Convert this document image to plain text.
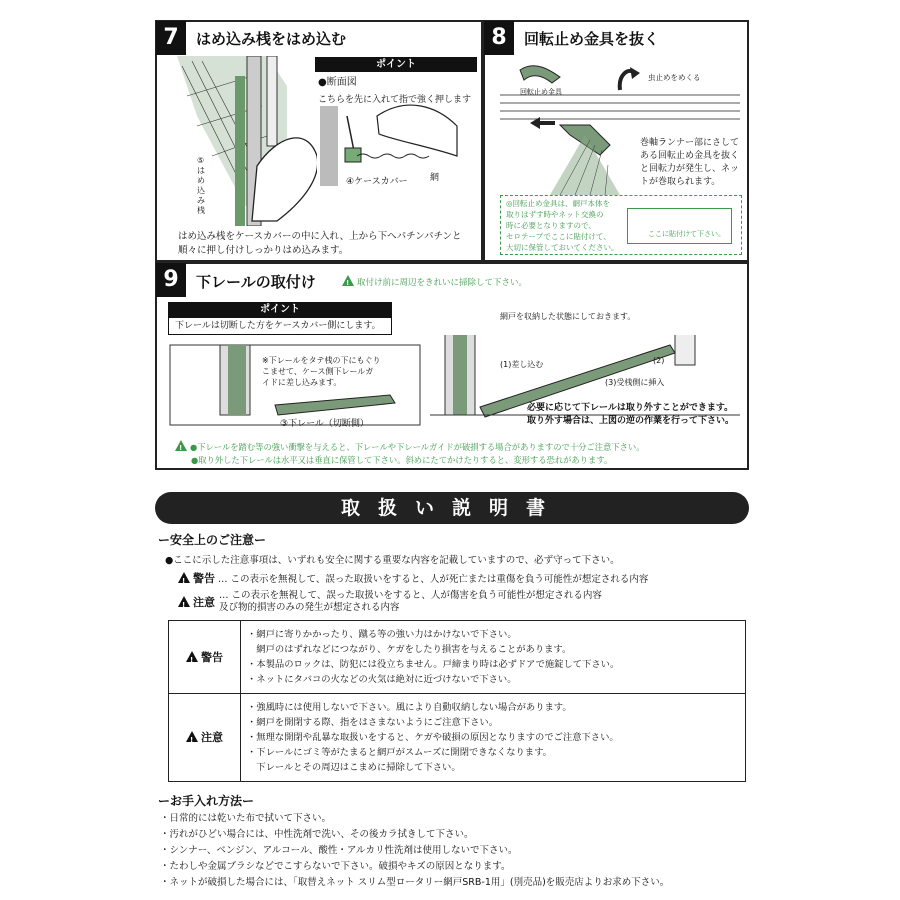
7	はめ込み桟をはめ込む
ポイント
●断面図
こちらを先に入れて指で強く押します
④ケースカバー 網
⑤
は
め
込
み
桟
はめ込み桟をケースカバーの中に入れ、上から下へパチンパチンと
順々に押し付けしっかりはめ込みます。
8	回転止め金具を抜く
回転止め金具
虫止めをめくる
巻軸ランナー部にさして
ある回転止め金具を抜く
と回転力が発生し、ネッ
トが巻取られます。
◎回転止め金具は、網戸本体を
取りはずす時やネット交換の
時に必要となりますので、
セロテープでここに貼付けて、
大切に保管しておいてください。
ここに貼付けて下さい。
9	下レールの取付け !	取付け前に周辺をきれいに掃除して下さい。
ポイント
下レールは切断した方をケースカバー側にします。
※下レールをタテ桟の下にもぐり
こませて、ケース側下レールガ
イドに差し込みます。
③下レール（切断側）
網戸を収納した状態にしておきます。
(1)差し込む	(2)
(3)受桟側に挿入
必要に応じて下レールは取り外すことができます。
取り外す場合は、上図の逆の作業を行って下さい。
!●下レールを踏む等の強い衝撃を与えると、下レールや下レールガイドが破損する場合がありますので十分ご注意下さい。
●取り外した下レールは水平又は垂直に保管して下さい。斜めにたてかけたりすると、変形する恐れがあります。
取扱い説明書
ー安全上のご注意ー
●ここに示した注意事項は、いずれも安全に関する重要な内容を記載していますので、必ず守って下さい。
!警告 … この表示を無視して、誤った取扱いをすると、人が死亡または重傷を負う可能性が想定される内容
!注意
… この表示を無視して、誤った取扱いをすると、人が傷害を負う可能性が想定される内容
及び物的損害のみの発生が想定される内容
!警告	・網戸に寄りかかったり、蹴る等の強い力はかけないで下さい。
　網戸のはずれなどにつながり、ケガをしたり損害を与えることがあります。
・本製品のロックは、防犯には役立ちません。戸締まり時は必ずドアで施錠して下さい。
・ネットにタバコの火などの火気は絶対に近づけないで下さい。

!注意	・強風時には使用しないで下さい。風により自動収納しない場合があります。
・網戸を開閉する際、指をはさまないようにご注意下さい。
・無理な開閉や乱暴な取扱いをすると、ケガや破損の原因となりますのでご注意下さい。
・下レールにゴミ等がたまると網戸がスムーズに開閉できなくなります。
　下レールとその周辺はこまめに掃除して下さい。
ーお手入れ方法ー
・日常的には乾いた布で拭いて下さい。
・汚れがひどい場合には、中性洗剤で洗い、その後カラ拭きして下さい。
・シンナー、ベンジン、アルコール、酸性・アルカリ性洗剤は使用しないで下さい。
・たわしや金属ブラシなどでこすらないで下さい。破損やキズの原因となります。
・ネットが破損した場合には、「取替えネット スリム型ロータリー網戸SRB-1用」(別売品)を販売店よりお求め下さい。
